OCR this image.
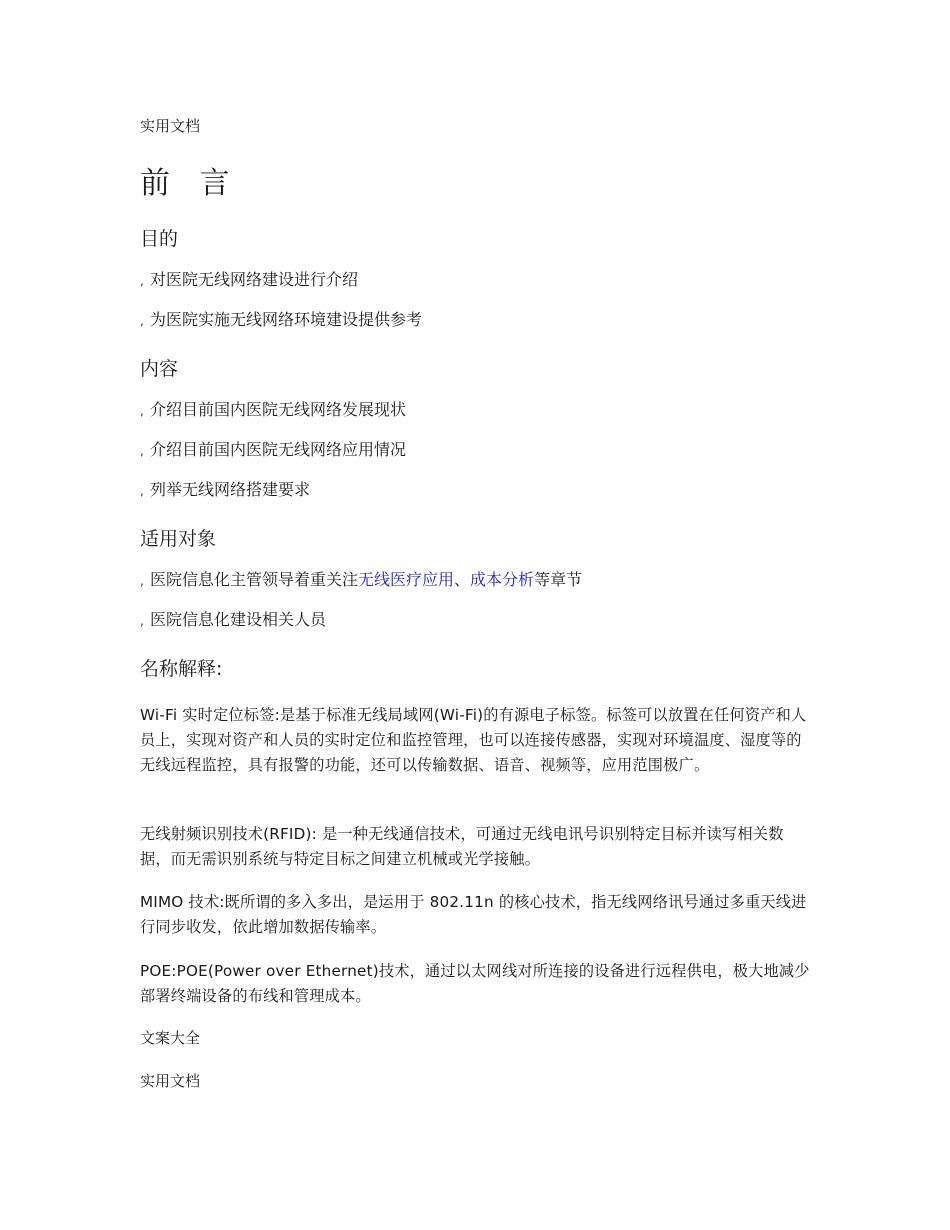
实用文档
前 言
目的
, 对医院无线网络建设进行介绍
, 为医院实施无线网络环境建设提供参考
内容
, 介绍目前国内医院无线网络发展现状
, 介绍目前国内医院无线网络应用情况
, 列举无线网络搭建要求
适用对象
, 医院信息化主管领导着重关注无线医疗应用、成本分析等章节
, 医院信息化建设相关人员
名称解释:
Wi-Fi 实时定位标签:是基于标准无线局域网(Wi-Fi)的有源电子标签。标签可以放置在任何资产和人员上，实现对资产和人员的实时定位和监控管理，也可以连接传感器，实现对环境温度、湿度等的无线远程监控，具有报警的功能，还可以传输数据、语音、视频等，应用范围极广。
无线射频识别技术(RFID): 是一种无线通信技术，可通过无线电讯号识别特定目标并读写相关数据，而无需识别系统与特定目标之间建立机械或光学接触。
MIMO 技术:既所谓的多入多出，是运用于 802.11n 的核心技术，指无线网络讯号通过多重天线进行同步收发，依此增加数据传输率。
POE:POE(Power over Ethernet)技术，通过以太网线对所连接的设备进行远程供电，极大地减少部署终端设备的布线和管理成本。
文案大全
实用文档
